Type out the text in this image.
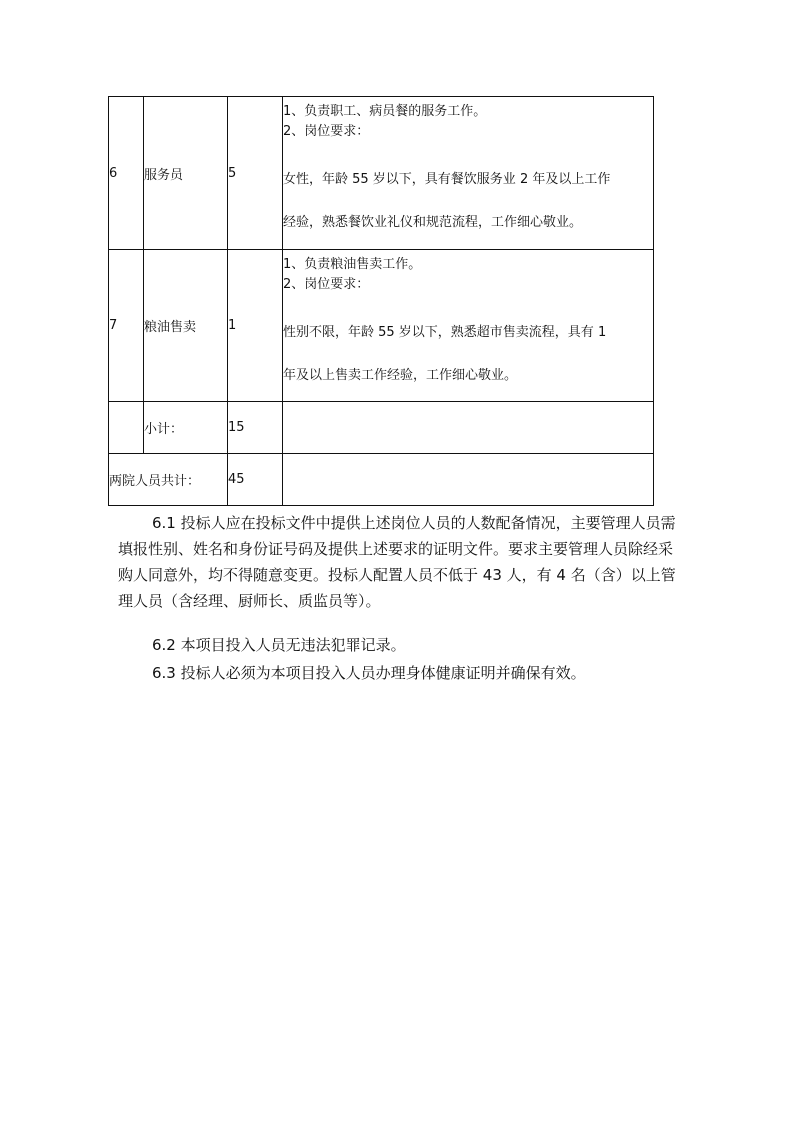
6	服务员	5	1、负责职工、病员餐的服务工作。
2、岗位要求：
女性，年龄 55 岁以下，具有餐饮服务业 2 年及以上工作
经验，熟悉餐饮业礼仪和规范流程，工作细心敬业。

7	粮油售卖	1	1、负责粮油售卖工作。
2、岗位要求：
性别不限，年龄 55 岁以下，熟悉超市售卖流程，具有 1
年及以上售卖工作经验，工作细心敬业。

	小计：	15	
两院人员共计：		45	

6.1 投标人应在投标文件中提供上述岗位人员的人数配备情况，主要管理人员需填报性别、姓名和身份证号码及提供上述要求的证明文件。要求主要管理人员除经采购人同意外，均不得随意变更。投标人配置人员不低于 43 人，有 4 名（含）以上管理人员（含经理、厨师长、质监员等）。

6.2 本项目投入人员无违法犯罪记录。

6.3 投标人必须为本项目投入人员办理身体健康证明并确保有效。
